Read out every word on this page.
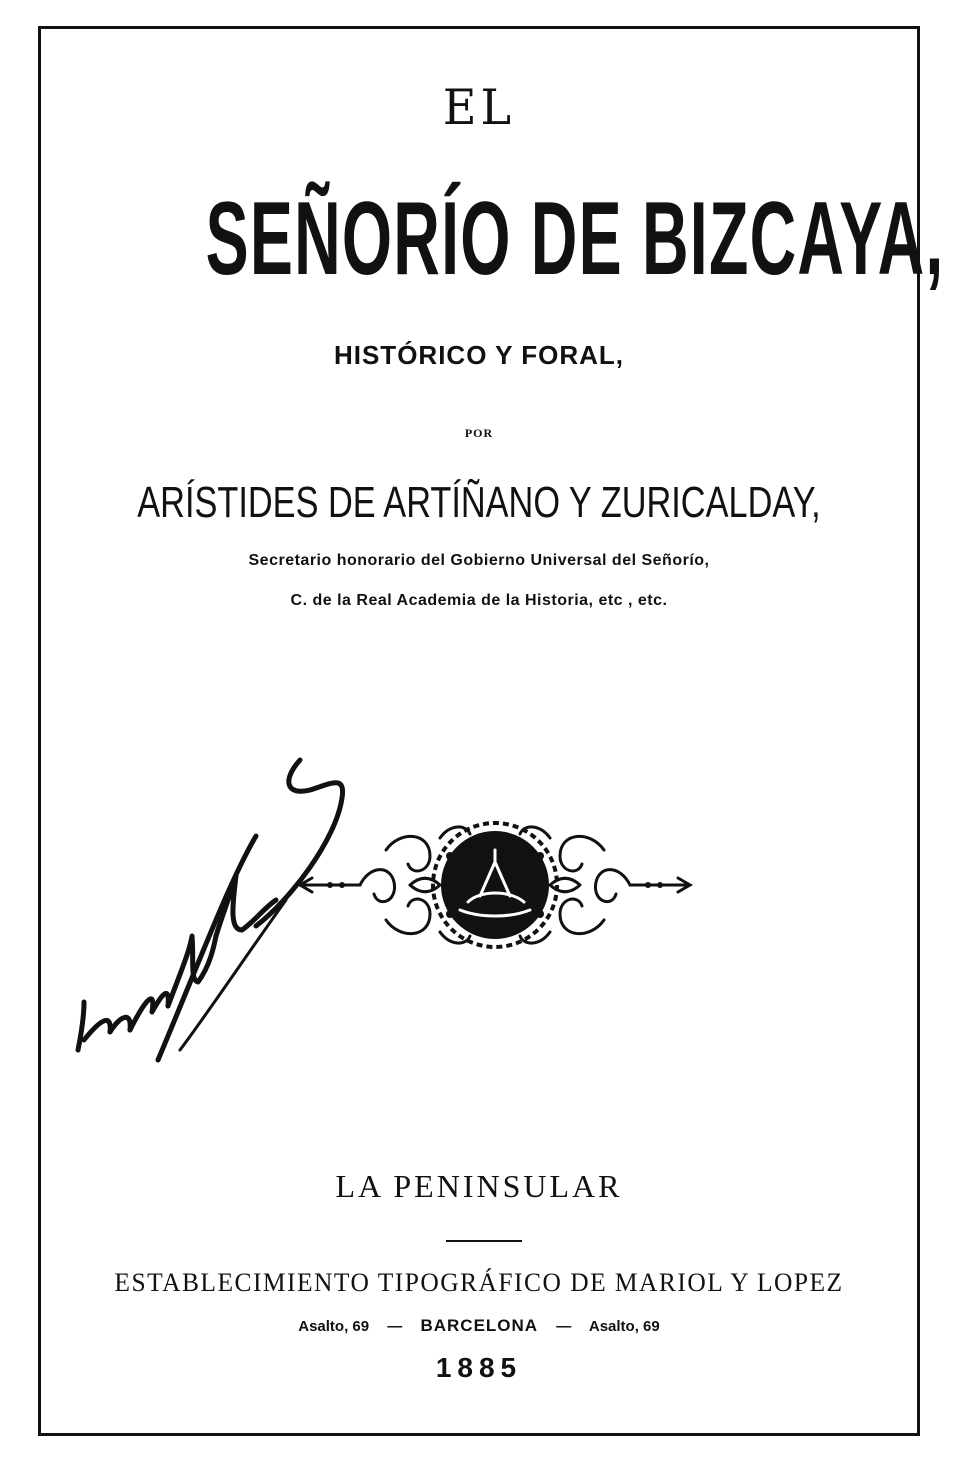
EL
SEÑORÍO DE BIZCAYA,
HISTÓRICO Y FORAL,
POR
ARÍSTIDES DE ARTÍÑANO Y ZURICALDAY,
Secretario honorario del Gobierno Universal del Señorío,
C. de la Real Academia de la Historia, etc , etc.
LA PENINSULAR
ESTABLECIMIENTO TIPOGRÁFICO DE MARIOL Y LOPEZ
Asalto, 69 — BARCELONA — Asalto, 69
1885
